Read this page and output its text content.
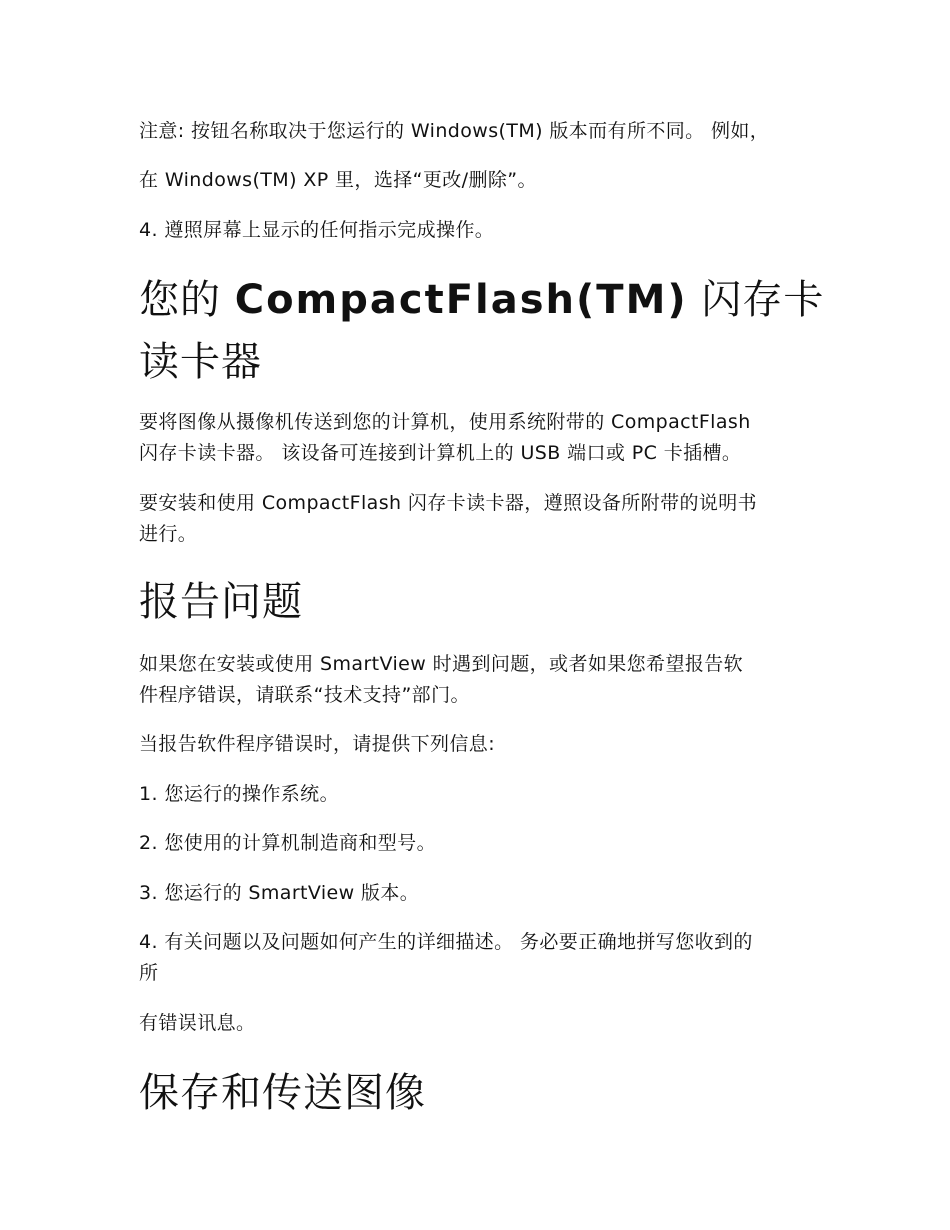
注意: 按钮名称取决于您运行的 Windows(TM) 版本而有所不同。 例如，

在 Windows(TM) XP 里，选择“更改/删除”。

4. 遵照屏幕上显示的任何指示完成操作。

您的 CompactFlash(TM) 闪存卡
读卡器

要将图像从摄像机传送到您的计算机，使用系统附带的 CompactFlash

闪存卡读卡器。 该设备可连接到计算机上的 USB 端口或 PC 卡插槽。

要安装和使用 CompactFlash 闪存卡读卡器，遵照设备所附带的说明书

进行。

报告问题

如果您在安装或使用 SmartView 时遇到问题，或者如果您希望报告软

件程序错误，请联系“技术支持”部门。

当报告软件程序错误时，请提供下列信息:

1. 您运行的操作系统。

2. 您使用的计算机制造商和型号。

3. 您运行的 SmartView 版本。

4. 有关问题以及问题如何产生的详细描述。 务必要正确地拼写您收到的

所

有错误讯息。

保存和传送图像
